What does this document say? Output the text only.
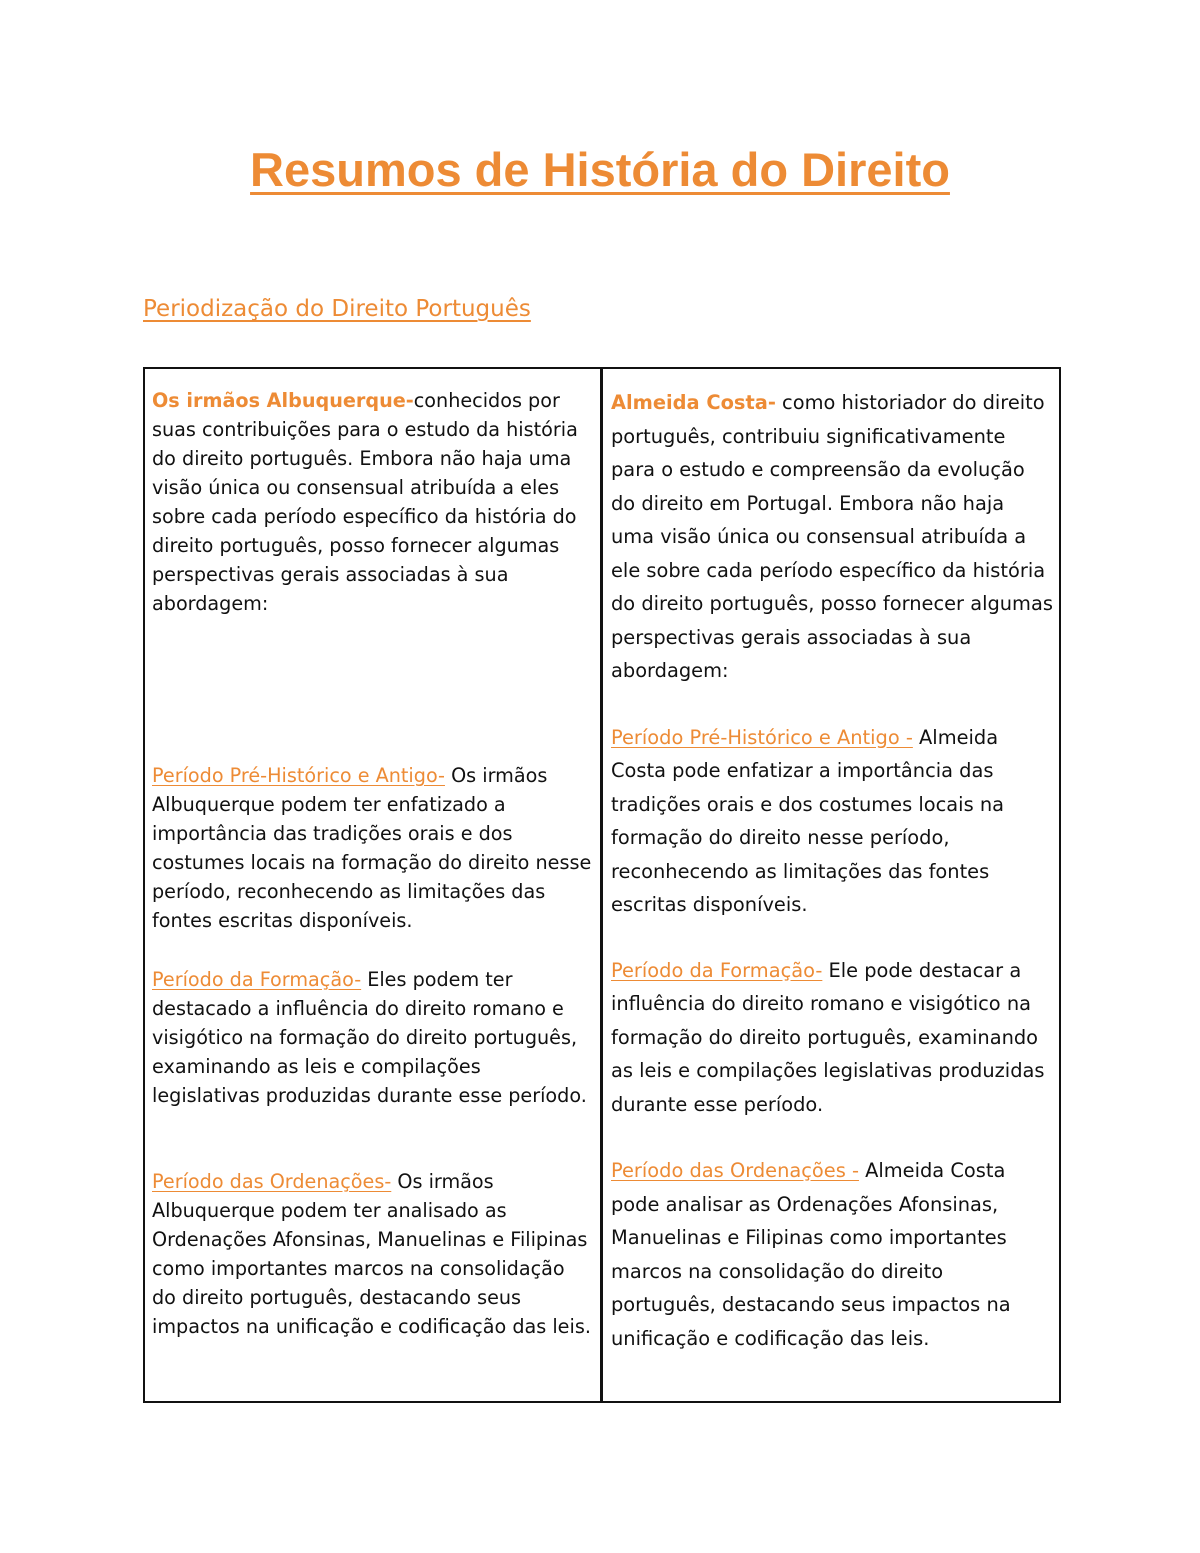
Resumos de História do Direito
Periodização do Direito Português

Os irmãos Albuquerque-conhecidos por suas contribuições para o estudo da história do direito português. Embora não haja uma visão única ou consensual atribuída a eles sobre cada período específico da história do direito português, posso fornecer algumas perspectivas gerais associadas à sua abordagem:

Período Pré-Histórico e Antigo- Os irmãos Albuquerque podem ter enfatizado a importância das tradições orais e dos costumes locais na formação do direito nesse período, reconhecendo as limitações das fontes escritas disponíveis.

Período da Formação- Eles podem ter destacado a influência do direito romano e visigótico na formação do direito português, examinando as leis e compilações legislativas produzidas durante esse período.

Período das Ordenações- Os irmãos Albuquerque podem ter analisado as Ordenações Afonsinas, Manuelinas e Filipinas como importantes marcos na consolidação do direito português, destacando seus impactos na unificação e codificação das leis.

Almeida Costa- como historiador do direito português, contribuiu significativamente para o estudo e compreensão da evolução do direito em Portugal. Embora não haja uma visão única ou consensual atribuída a ele sobre cada período específico da história do direito português, posso fornecer algumas perspectivas gerais associadas à sua abordagem:

Período Pré-Histórico e Antigo - Almeida Costa pode enfatizar a importância das tradições orais e dos costumes locais na formação do direito nesse período, reconhecendo as limitações das fontes escritas disponíveis.

Período da Formação- Ele pode destacar a influência do direito romano e visigótico na formação do direito português, examinando as leis e compilações legislativas produzidas durante esse período.

Período das Ordenações - Almeida Costa pode analisar as Ordenações Afonsinas, Manuelinas e Filipinas como importantes marcos na consolidação do direito português, destacando seus impactos na unificação e codificação das leis.
